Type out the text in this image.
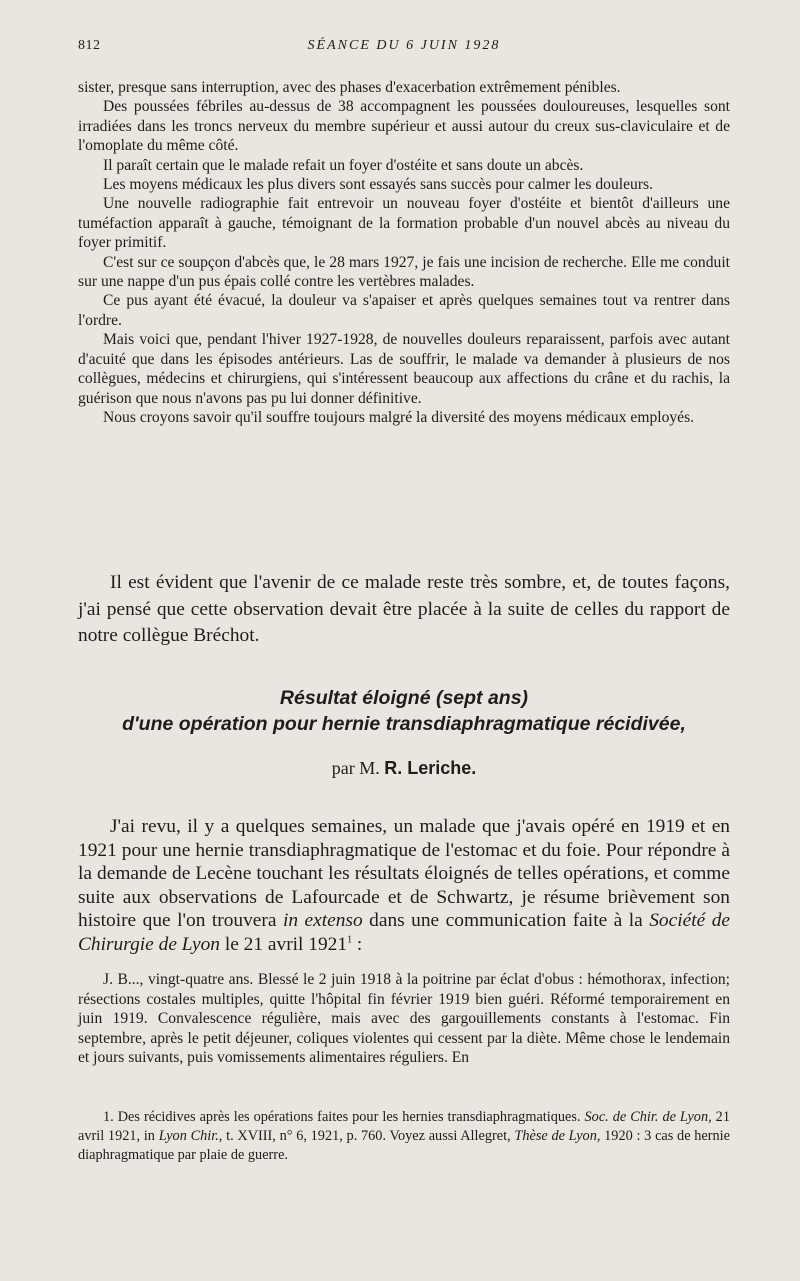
812	SÉANCE DU 6 JUIN 1928

sister, presque sans interruption, avec des phases d'exacerbation extrêmement pénibles.

Des poussées fébriles au-dessus de 38 accompagnent les poussées douloureuses, lesquelles sont irradiées dans les troncs nerveux du membre supérieur et aussi autour du creux sus-claviculaire et de l'omoplate du même côté.

Il paraît certain que le malade refait un foyer d'ostéite et sans doute un abcès.

Les moyens médicaux les plus divers sont essayés sans succès pour calmer les douleurs.

Une nouvelle radiographie fait entrevoir un nouveau foyer d'ostéite et bientôt d'ailleurs une tuméfaction apparaît à gauche, témoignant de la formation probable d'un nouvel abcès au niveau du foyer primitif.

C'est sur ce soupçon d'abcès que, le 28 mars 1927, je fais une incision de recherche. Elle me conduit sur une nappe d'un pus épais collé contre les vertèbres malades.

Ce pus ayant été évacué, la douleur va s'apaiser et après quelques semaines tout va rentrer dans l'ordre.

Mais voici que, pendant l'hiver 1927-1928, de nouvelles douleurs reparaissent, parfois avec autant d'acuité que dans les épisodes antérieurs. Las de souffrir, le malade va demander à plusieurs de nos collègues, médecins et chirurgiens, qui s'intéressent beaucoup aux affections du crâne et du rachis, la guérison que nous n'avons pas pu lui donner définitive.

Nous croyons savoir qu'il souffre toujours malgré la diversité des moyens médicaux employés.

Il est évident que l'avenir de ce malade reste très sombre, et, de toutes façons, j'ai pensé que cette observation devait être placée à la suite de celles du rapport de notre collègue Bréchot.

Résultat éloigné (sept ans)
d'une opération pour hernie transdiaphragmatique récidivée,
par M. R. Leriche.

J'ai revu, il y a quelques semaines, un malade que j'avais opéré en 1919 et en 1921 pour une hernie transdiaphragmatique de l'estomac et du foie. Pour répondre à la demande de Lecène touchant les résultats éloignés de telles opérations, et comme suite aux observations de Lafourcade et de Schwartz, je résume brièvement son histoire que l'on trouvera in extenso dans une communication faite à la Société de Chirurgie de Lyon le 21 avril 1921$^1$ :

J. B..., vingt-quatre ans. Blessé le 2 juin 1918 à la poitrine par éclat d'obus : hémothorax, infection; résections costales multiples, quitte l'hôpital fin février 1919 bien guéri. Réformé temporairement en juin 1919. Convalescence régulière, mais avec des gargouillements constants à l'estomac. Fin septembre, après le petit déjeuner, coliques violentes qui cessent par la diète. Même chose le lendemain et jours suivants, puis vomissements alimentaires réguliers. En

1. Des récidives après les opérations faites pour les hernies transdiaphragmatiques. Soc. de Chir. de Lyon, 21 avril 1921, in Lyon Chir., t. XVIII, n° 6, 1921, p. 760. Voyez aussi Allegret, Thèse de Lyon, 1920 : 3 cas de hernie diaphragmatique par plaie de guerre.
